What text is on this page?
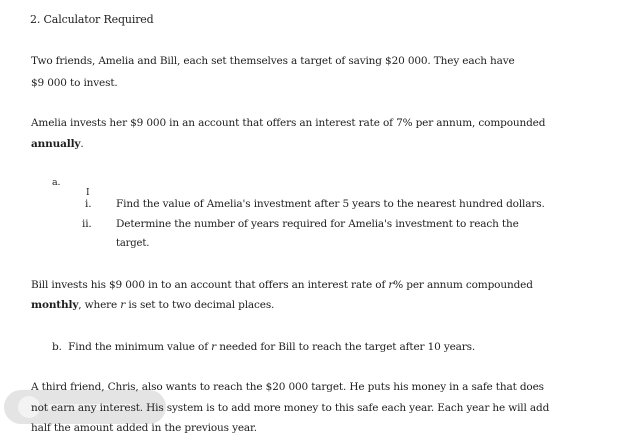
2. Calculator Required
Two friends, Amelia and Bill, each set themselves a target of saving $20 000. They each have
$9 000 to invest.
Amelia invests her $9 000 in an account that offers an interest rate of 7% per annum, compounded
annually.
a.
I
i. Find the value of Amelia's investment after 5 years to the nearest hundred dollars.
ii. Determine the number of years required for Amelia's investment to reach the
target.
Bill invests his $9 000 in to an account that offers an interest rate of r% per annum compounded
monthly, where r is set to two decimal places.
b. Find the minimum value of r needed for Bill to reach the target after 10 years.
A third friend, Chris, also wants to reach the $20 000 target. He puts his money in a safe that does
not earn any interest. His system is to add more money to this safe each year. Each year he will add
half the amount added in the previous year.
